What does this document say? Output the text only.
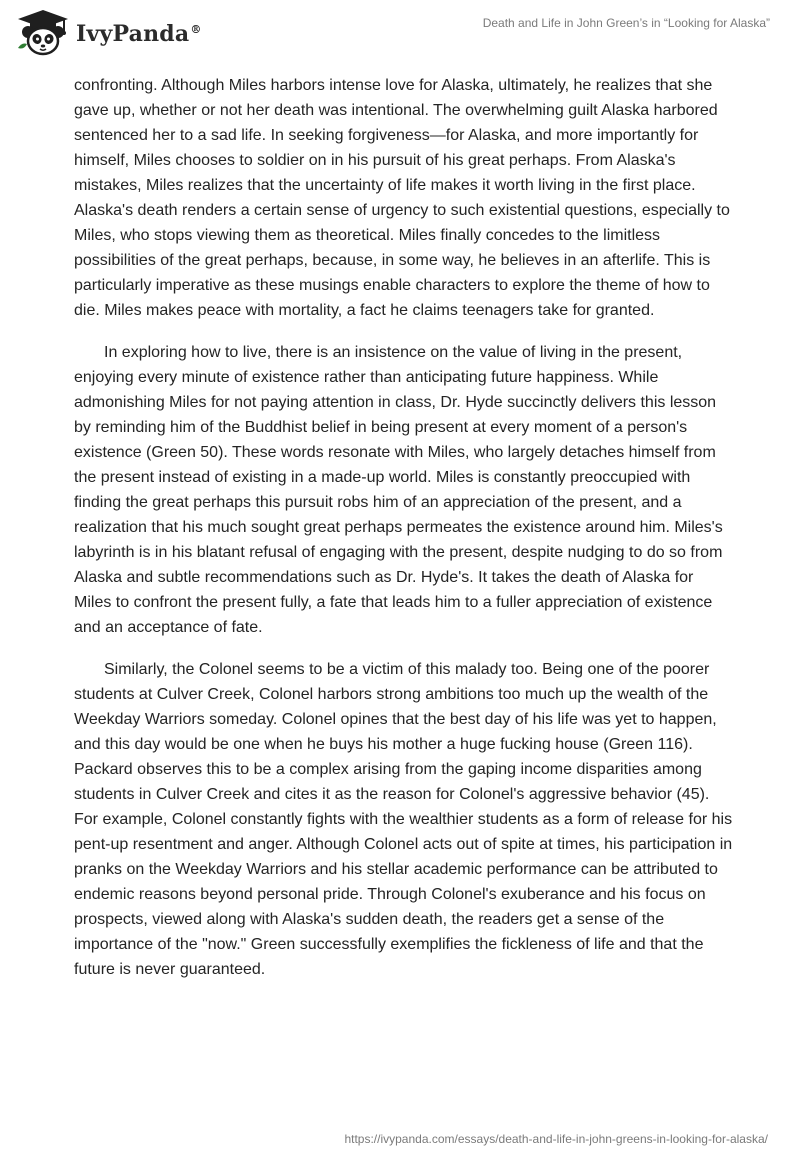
IvyPanda®	Death and Life in John Green’s in “Looking for Alaska”

confronting. Although Miles harbors intense love for Alaska, ultimately, he realizes that she gave up, whether or not her death was intentional. The overwhelming guilt Alaska harbored sentenced her to a sad life. In seeking forgiveness—for Alaska, and more importantly for himself, Miles chooses to soldier on in his pursuit of his great perhaps. From Alaska's mistakes, Miles realizes that the uncertainty of life makes it worth living in the first place. Alaska's death renders a certain sense of urgency to such existential questions, especially to Miles, who stops viewing them as theoretical. Miles finally concedes to the limitless possibilities of the great perhaps, because, in some way, he believes in an afterlife. This is particularly imperative as these musings enable characters to explore the theme of how to die. Miles makes peace with mortality, a fact he claims teenagers take for granted.

In exploring how to live, there is an insistence on the value of living in the present, enjoying every minute of existence rather than anticipating future happiness. While admonishing Miles for not paying attention in class, Dr. Hyde succinctly delivers this lesson by reminding him of the Buddhist belief in being present at every moment of a person's existence (Green 50). These words resonate with Miles, who largely detaches himself from the present instead of existing in a made-up world. Miles is constantly preoccupied with finding the great perhaps this pursuit robs him of an appreciation of the present, and a realization that his much sought great perhaps permeates the existence around him. Miles's labyrinth is in his blatant refusal of engaging with the present, despite nudging to do so from Alaska and subtle recommendations such as Dr. Hyde's. It takes the death of Alaska for Miles to confront the present fully, a fate that leads him to a fuller appreciation of existence and an acceptance of fate.

Similarly, the Colonel seems to be a victim of this malady too. Being one of the poorer students at Culver Creek, Colonel harbors strong ambitions too much up the wealth of the Weekday Warriors someday. Colonel opines that the best day of his life was yet to happen, and this day would be one when he buys his mother a huge fucking house (Green 116). Packard observes this to be a complex arising from the gaping income disparities among students in Culver Creek and cites it as the reason for Colonel's aggressive behavior (45). For example, Colonel constantly fights with the wealthier students as a form of release for his pent-up resentment and anger. Although Colonel acts out of spite at times, his participation in pranks on the Weekday Warriors and his stellar academic performance can be attributed to endemic reasons beyond personal pride. Through Colonel's exuberance and his focus on prospects, viewed along with Alaska's sudden death, the readers get a sense of the importance of the "now." Green successfully exemplifies the fickleness of life and that the future is never guaranteed.

https://ivypanda.com/essays/death-and-life-in-john-greens-in-looking-for-alaska/
